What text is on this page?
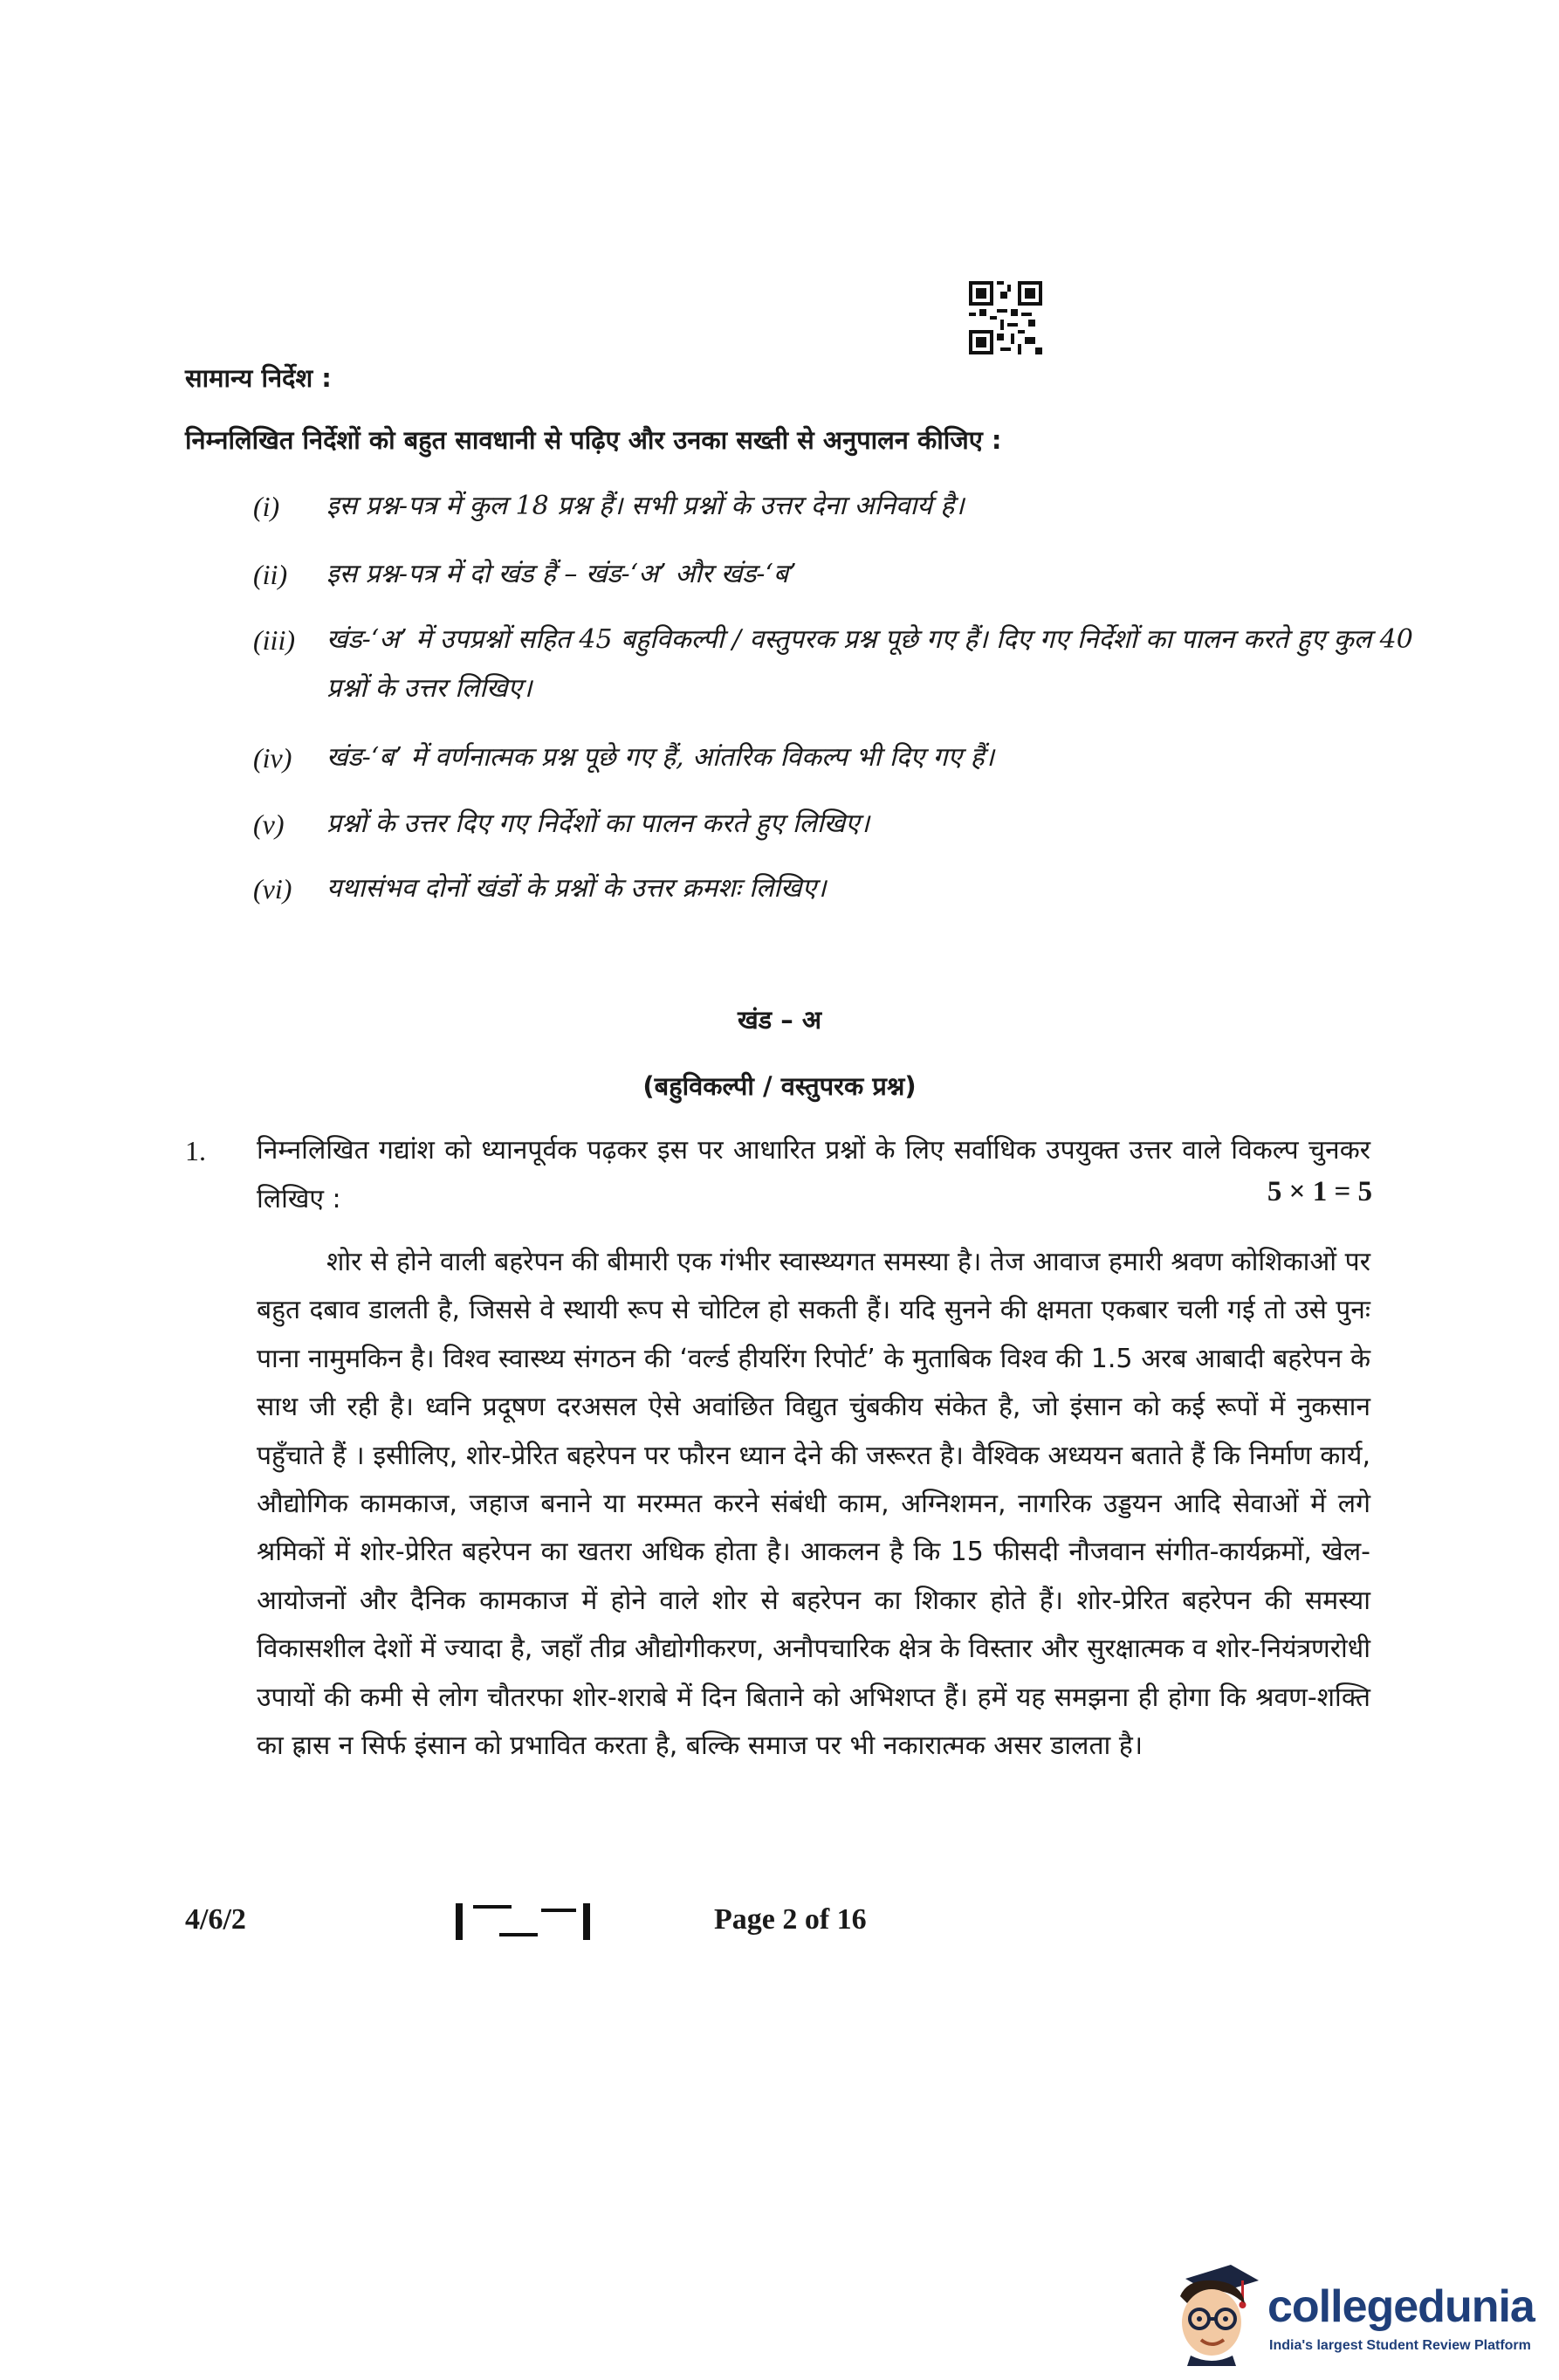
सामान्य निर्देश :
निम्नलिखित निर्देशों को बहुत सावधानी से पढ़िए और उनका सख्ती से अनुपालन कीजिए :
(i)	इस प्रश्न-पत्र में कुल 18 प्रश्न हैं। सभी प्रश्नों के उत्तर देना अनिवार्य है।
(ii)	इस प्रश्न-पत्र में दो खंड हैं – खंड-‘अ’ और खंड-‘ब’
(iii)	खंड-‘अ’ में उपप्रश्नों सहित 45 बहुविकल्पी / वस्तुपरक प्रश्न पूछे गए हैं। दिए गए निर्देशों का पालन करते हुए कुल 40 प्रश्नों के उत्तर लिखिए।
(iv)	खंड-‘ब’ में वर्णनात्मक प्रश्न पूछे गए हैं, आंतरिक विकल्प भी दिए गए हैं।
(v)	प्रश्नों के उत्तर दिए गए निर्देशों का पालन करते हुए लिखिए।
(vi)	यथासंभव दोनों खंडों के प्रश्नों के उत्तर क्रमशः लिखिए।
खंड – अ
(बहुविकल्पी / वस्तुपरक प्रश्न)
1. निम्नलिखित गद्यांश को ध्यानपूर्वक पढ़कर इस पर आधारित प्रश्नों के लिए सर्वाधिक उपयुक्त उत्तर वाले विकल्प चुनकर लिखिए :	5 × 1 = 5
शोर से होने वाली बहरेपन की बीमारी एक गंभीर स्वास्थ्यगत समस्या है। तेज आवाज हमारी श्रवण कोशिकाओं पर बहुत दबाव डालती है, जिससे वे स्थायी रूप से चोटिल हो सकती हैं। यदि सुनने की क्षमता एकबार चली गई तो उसे पुनः पाना नामुमकिन है। विश्व स्वास्थ्य संगठन की ‘वर्ल्ड हीयरिंग रिपोर्ट’ के मुताबिक विश्व की 1.5 अरब आबादी बहरेपन के साथ जी रही है। ध्वनि प्रदूषण दरअसल ऐसे अवांछित विद्युत चुंबकीय संकेत है, जो इंसान को कई रूपों में नुकसान पहुँचाते हैं । इसीलिए, शोर-प्रेरित बहरेपन पर फौरन ध्यान देने की जरूरत है। वैश्विक अध्ययन बताते हैं कि निर्माण कार्य, औद्योगिक कामकाज, जहाज बनाने या मरम्मत करने संबंधी काम, अग्निशमन, नागरिक उड्डयन आदि सेवाओं में लगे श्रमिकों में शोर-प्रेरित बहरेपन का खतरा अधिक होता है। आकलन है कि 15 फीसदी नौजवान संगीत-कार्यक्रमों, खेल-आयोजनों और दैनिक कामकाज में होने वाले शोर से बहरेपन का शिकार होते हैं। शोर-प्रेरित बहरेपन की समस्या विकासशील देशों में ज्यादा है, जहाँ तीव्र औद्योगीकरण, अनौपचारिक क्षेत्र के विस्तार और सुरक्षात्मक व शोर-नियंत्रणरोधी उपायों की कमी से लोग चौतरफा शोर-शराबे में दिन बिताने को अभिशप्त हैं। हमें यह समझना ही होगा कि श्रवण-शक्ति का ह्रास न सिर्फ इंसान को प्रभावित करता है, बल्कि समाज पर भी नकारात्मक असर डालता है।
4/6/2	Page 2 of 16
collegedunia
India's largest Student Review Platform
